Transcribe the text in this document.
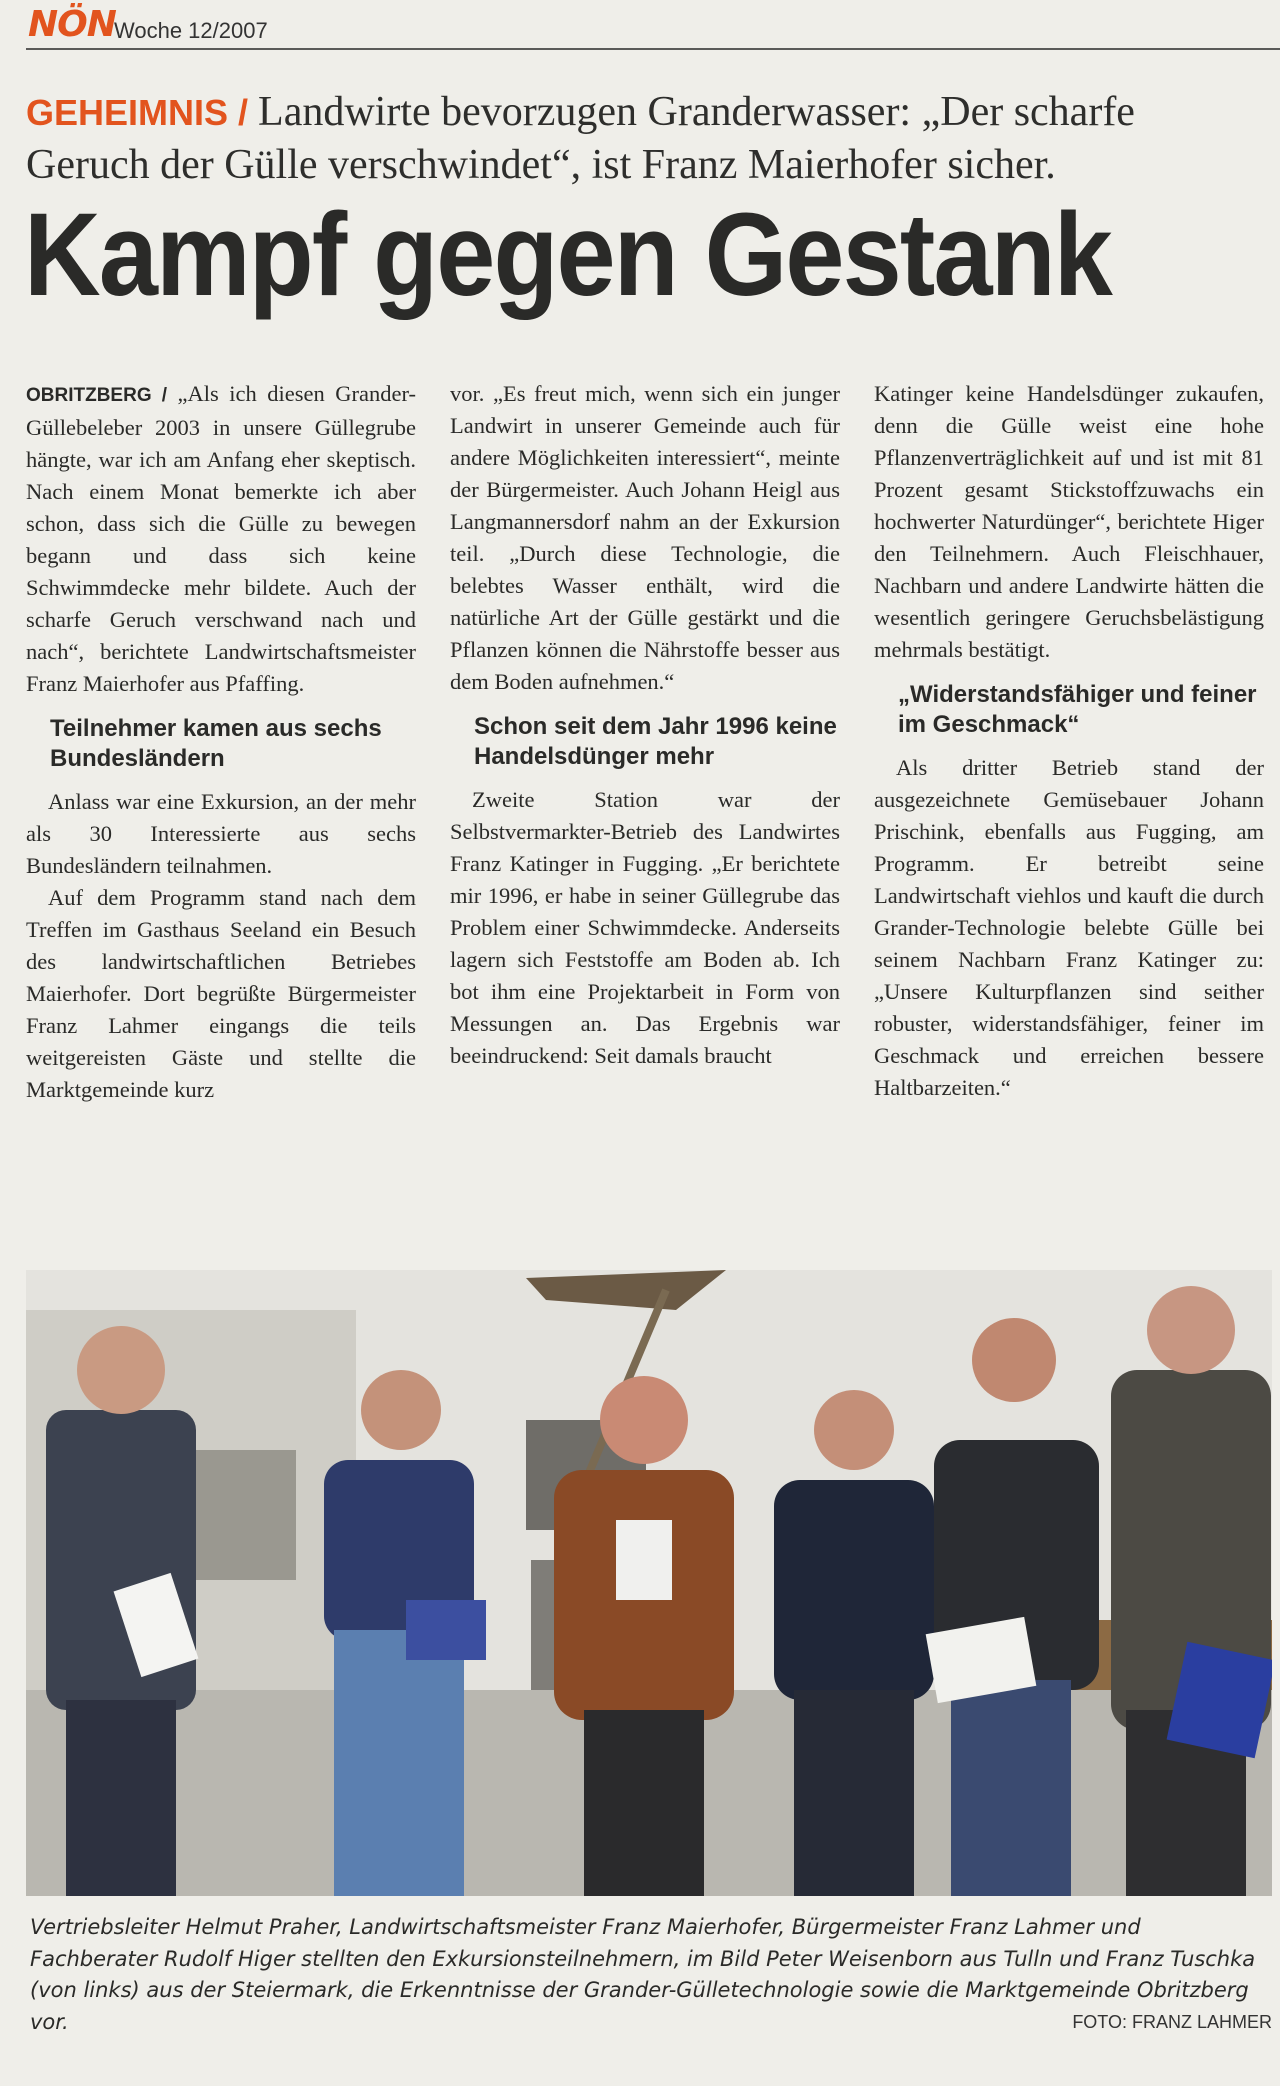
NÖN
Woche 12/2007
GEHEIMNIS / Landwirte bevorzugen Granderwasser: „Der scharfe Geruch der Gülle verschwindet“, ist Franz Maierhofer sicher.
Kampf gegen Gestank

OBRITZBERG / „Als ich diesen Grander-Güllebeleber 2003 in unsere Güllegrube hängte, war ich am Anfang eher skeptisch. Nach einem Monat bemerkte ich aber schon, dass sich die Gülle zu bewegen begann und dass sich keine Schwimmdecke mehr bildete. Auch der scharfe Geruch verschwand nach und nach“, berichtete Landwirtschaftsmeister Franz Maierhofer aus Pfaffing.

Teilnehmer kamen aus sechs Bundesländern

Anlass war eine Exkursion, an der mehr als 30 Interessierte aus sechs Bundesländern teilnahmen.

Auf dem Programm stand nach dem Treffen im Gasthaus Seeland ein Besuch des landwirtschaftlichen Betriebes Maierhofer. Dort begrüßte Bürgermeister Franz Lahmer eingangs die teils weitgereisten Gäste und stellte die Marktgemeinde kurz

vor. „Es freut mich, wenn sich ein junger Landwirt in unserer Gemeinde auch für andere Möglichkeiten interessiert“, meinte der Bürgermeister. Auch Johann Heigl aus Langmannersdorf nahm an der Exkursion teil. „Durch diese Technologie, die belebtes Wasser enthält, wird die natürliche Art der Gülle gestärkt und die Pflanzen können die Nährstoffe besser aus dem Boden aufnehmen.“

Schon seit dem Jahr 1996 keine Handelsdünger mehr

Zweite Station war der Selbstvermarkter-Betrieb des Landwirtes Franz Katinger in Fugging. „Er berichtete mir 1996, er habe in seiner Güllegrube das Problem einer Schwimmdecke. Anderseits lagern sich Feststoffe am Boden ab. Ich bot ihm eine Projektarbeit in Form von Messungen an. Das Ergebnis war beeindruckend: Seit damals braucht

Katinger keine Handelsdünger zukaufen, denn die Gülle weist eine hohe Pflanzenverträglichkeit auf und ist mit 81 Prozent gesamt Stickstoffzuwachs ein hochwerter Naturdünger“, berichtete Higer den Teilnehmern. Auch Fleischhauer, Nachbarn und andere Landwirte hätten die wesentlich geringere Geruchsbelästigung mehrmals bestätigt.

„Widerstandsfähiger und feiner im Geschmack“

Als dritter Betrieb stand der ausgezeichnete Gemüsebauer Johann Prischink, ebenfalls aus Fugging, am Programm. Er betreibt seine Landwirtschaft viehlos und kauft die durch Grander-Technologie belebte Gülle bei seinem Nachbarn Franz Katinger zu: „Unsere Kulturpflanzen sind seither robuster, widerstandsfähiger, feiner im Geschmack und erreichen bessere Haltbarzeiten.“

Vertriebsleiter Helmut Praher, Landwirtschaftsmeister Franz Maierhofer, Bürgermeister Franz Lahmer und Fachberater Rudolf Higer stellten den Exkursionsteilnehmern, im Bild Peter Weisenborn aus Tulln und Franz Tuschka (von links) aus der Steiermark, die Erkenntnisse der Grander-Gülletechnologie sowie die Marktgemeinde Obritzberg vor.	FOTO: FRANZ LAHMER
